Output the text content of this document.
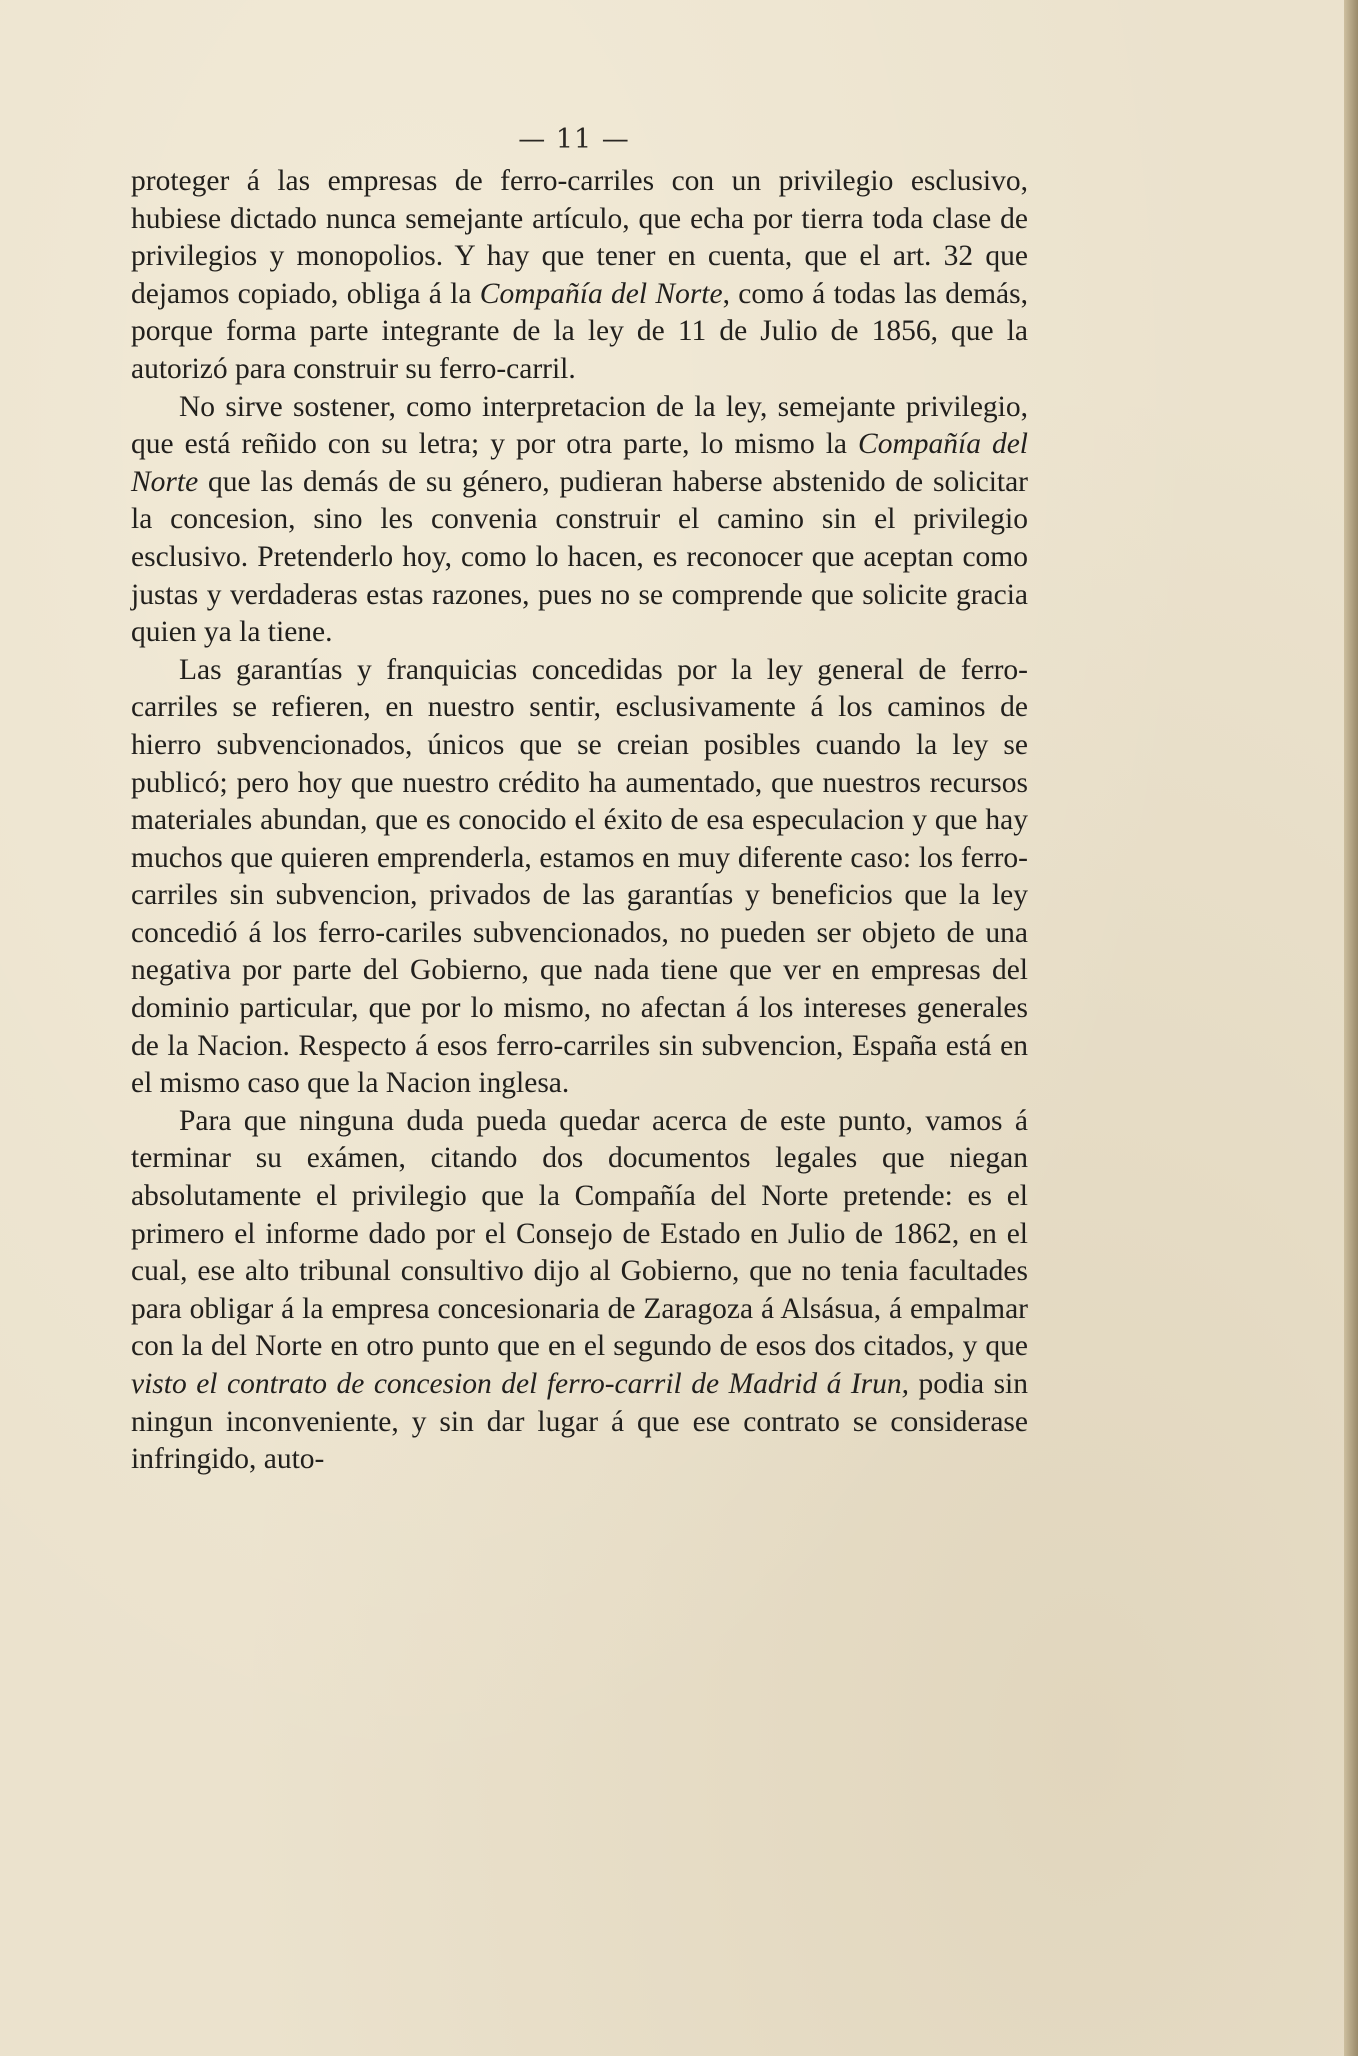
— 11 —

proteger á las empresas de ferro-carriles con un privilegio esclusivo, hubiese dictado nunca semejante artículo, que echa por tierra toda clase de privilegios y monopolios. Y hay que tener en cuenta, que el art. 32 que dejamos copiado, obliga á la Compañía del Norte, como á todas las demás, porque forma parte integrante de la ley de 11 de Julio de 1856, que la autorizó para construir su ferro-carril.

No sirve sostener, como interpretacion de la ley, semejante privilegio, que está reñido con su letra; y por otra parte, lo mismo la Compañía del Norte que las demás de su género, pudieran haberse abstenido de solicitar la concesion, sino les convenia construir el camino sin el privilegio esclusivo. Pretenderlo hoy, como lo hacen, es reconocer que aceptan como justas y verdaderas estas razones, pues no se comprende que solicite gracia quien ya la tiene.

Las garantías y franquicias concedidas por la ley general de ferro-carriles se refieren, en nuestro sentir, esclusivamente á los caminos de hierro subvencionados, únicos que se creian posibles cuando la ley se publicó; pero hoy que nuestro crédito ha aumentado, que nuestros recursos materiales abundan, que es conocido el éxito de esa especulacion y que hay muchos que quieren emprenderla, estamos en muy diferente caso: los ferro-carriles sin subvencion, privados de las garantías y beneficios que la ley concedió á los ferro-cariles subvencionados, no pueden ser objeto de una negativa por parte del Gobierno, que nada tiene que ver en empresas del dominio particular, que por lo mismo, no afectan á los intereses generales de la Nacion. Respecto á esos ferro-carriles sin subvencion, España está en el mismo caso que la Nacion inglesa.

Para que ninguna duda pueda quedar acerca de este punto, vamos á terminar su exámen, citando dos documentos legales que niegan absolutamente el privilegio que la Compañía del Norte pretende: es el primero el informe dado por el Consejo de Estado en Julio de 1862, en el cual, ese alto tribunal consultivo dijo al Gobierno, que no tenia facultades para obligar á la empresa concesionaria de Zaragoza á Alsásua, á empalmar con la del Norte en otro punto que en el segundo de esos dos citados, y que visto el contrato de concesion del ferro-carril de Madrid á Irun, podia sin ningun inconveniente, y sin dar lugar á que ese contrato se considerase infringido, auto-
